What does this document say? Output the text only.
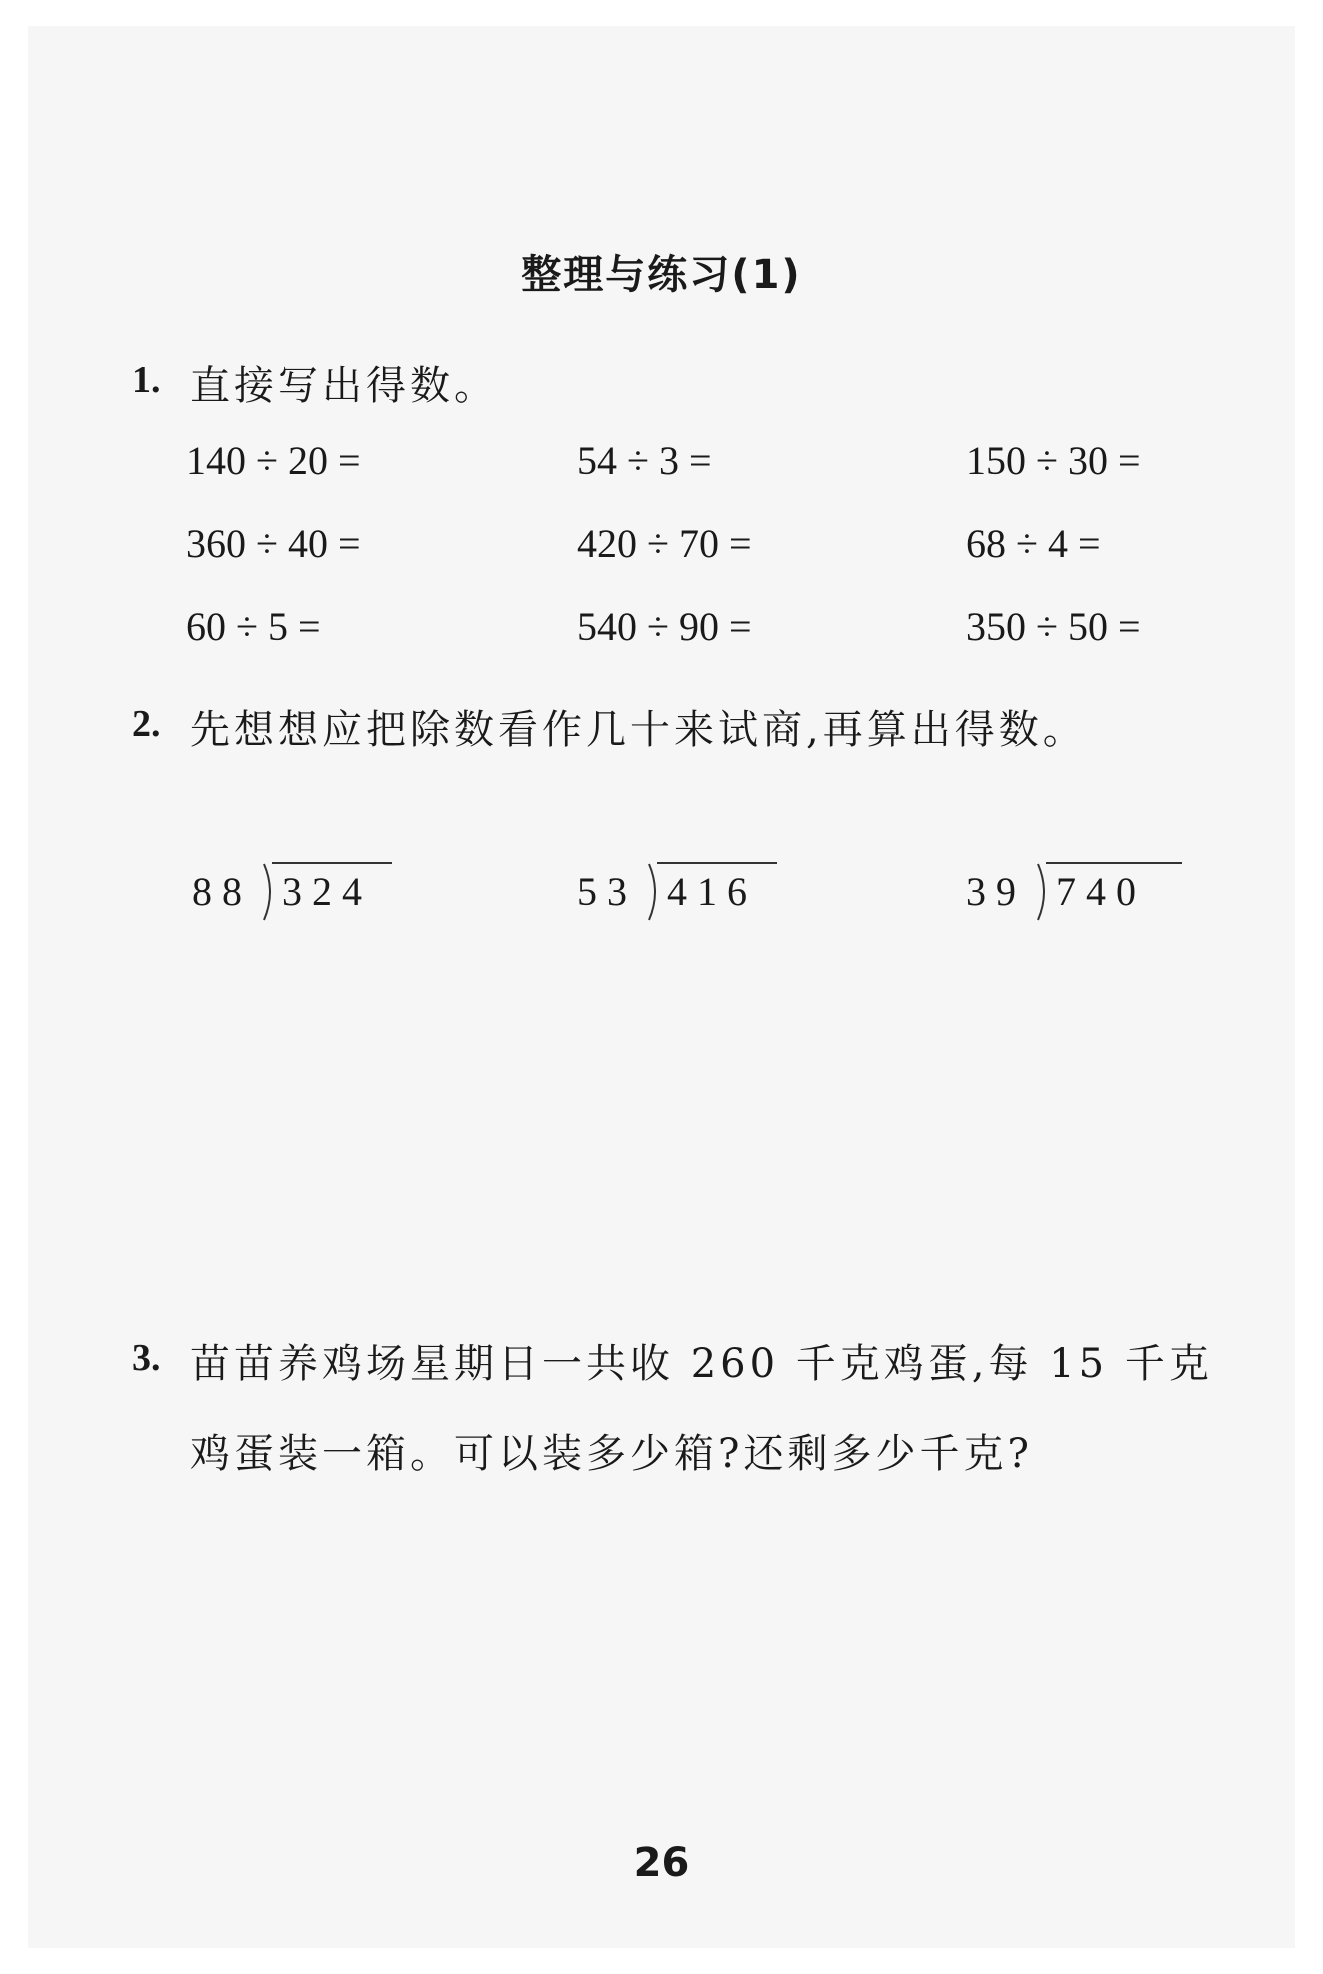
整理与练习(1)
1. 直接写出得数。
140 ÷ 20 =	54 ÷ 3 =	150 ÷ 30 =
360 ÷ 40 =	420 ÷ 70 =	68 ÷ 4 =
60 ÷ 5 =	540 ÷ 90 =	350 ÷ 50 =
2. 先想想应把除数看作几十来试商,再算出得数。
88 324	53 416	39 740
3. 苗苗养鸡场星期日一共收 260 千克鸡蛋,每 15 千克
鸡蛋装一箱。可以装多少箱?还剩多少千克?
26
